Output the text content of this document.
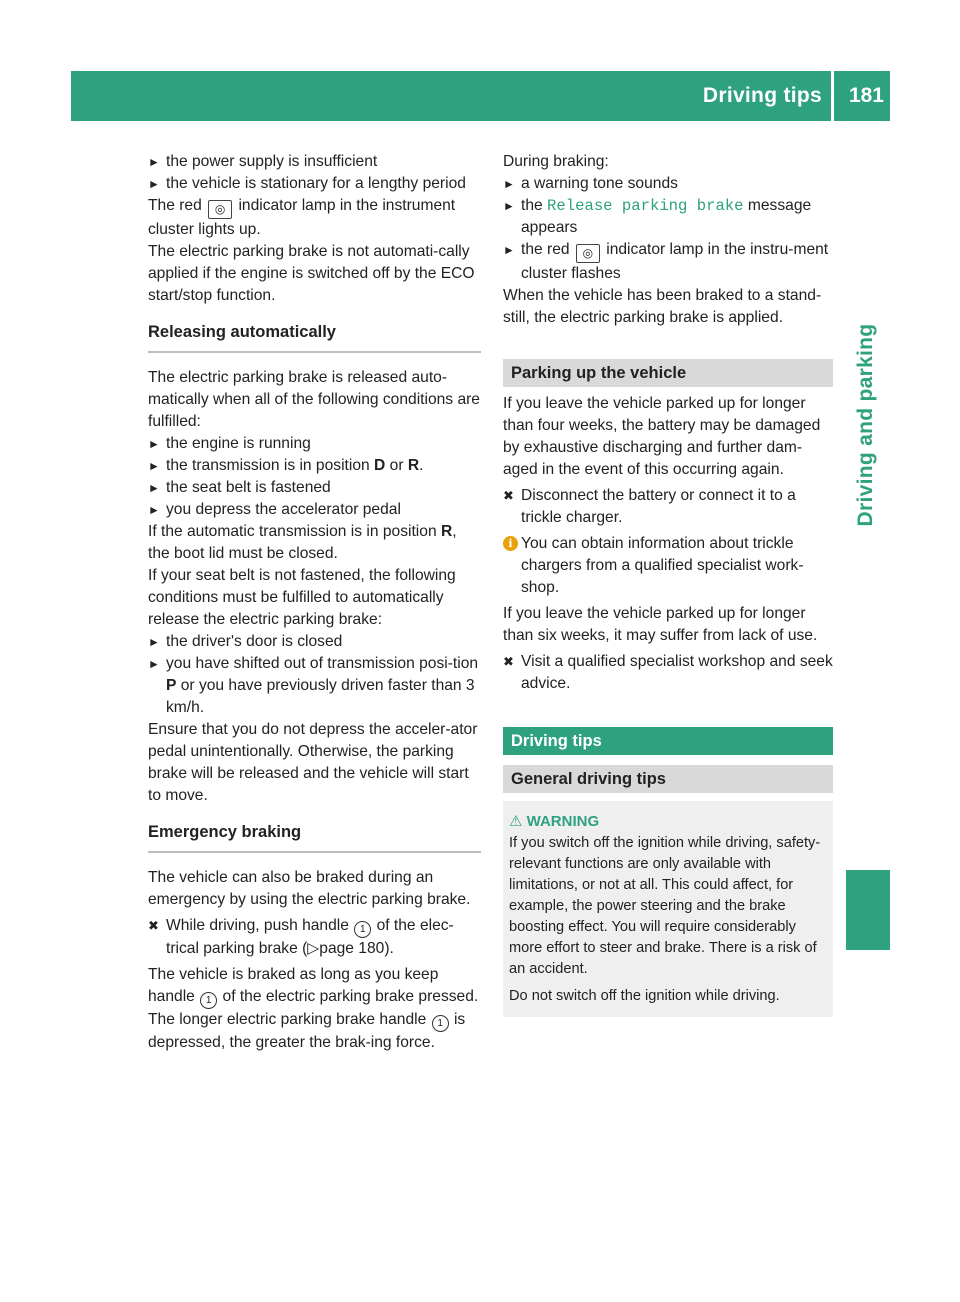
Driving tips 181
Driving and parking
► the power supply is insufficient
► the vehicle is stationary for a lengthy period

The red ◎ indicator lamp in the instrument cluster lights up.

The electric parking brake is not automati-cally applied if the engine is switched off by the ECO start/stop function.

Releasing automatically

The electric parking brake is released auto-matically when all of the following conditions are fulfilled:

► the engine is running
► the transmission is in position D or R.
► the seat belt is fastened
► you depress the accelerator pedal

If the automatic transmission is in position R, the boot lid must be closed.

If your seat belt is not fastened, the following conditions must be fulfilled to automatically release the electric parking brake:

► the driver's door is closed
► you have shifted out of transmission posi-tion P or you have previously driven faster than 3 km/h.

Ensure that you do not depress the acceler-ator pedal unintentionally. Otherwise, the parking brake will be released and the vehicle will start to move.

Emergency braking

The vehicle can also be braked during an emergency by using the electric parking brake.

✖ While driving, push handle 1 of the elec-trical parking brake (▷page 180).

The vehicle is braked as long as you keep handle 1 of the electric parking brake pressed. The longer electric parking brake handle 1 is depressed, the greater the brak-ing force.

During braking:

► a warning tone sounds
► the Release parking brake message appears
► the red ◎ indicator lamp in the instru-ment cluster flashes

When the vehicle has been braked to a stand-still, the electric parking brake is applied.

Parking up the vehicle

If you leave the vehicle parked up for longer than four weeks, the battery may be damaged by exhaustive discharging and further dam-aged in the event of this occurring again.

✖ Disconnect the battery or connect it to a trickle charger.
i You can obtain information about trickle chargers from a qualified specialist work-shop.

If you leave the vehicle parked up for longer than six weeks, it may suffer from lack of use.

✖ Visit a qualified specialist workshop and seek advice.
Driving tips
General driving tips
⚠ WARNING
If you switch off the ignition while driving, safety-relevant functions are only available with limitations, or not at all. This could affect, for example, the power steering and the brake boosting effect. You will require considerably more effort to steer and brake. There is a risk of an accident.
Do not switch off the ignition while driving.
